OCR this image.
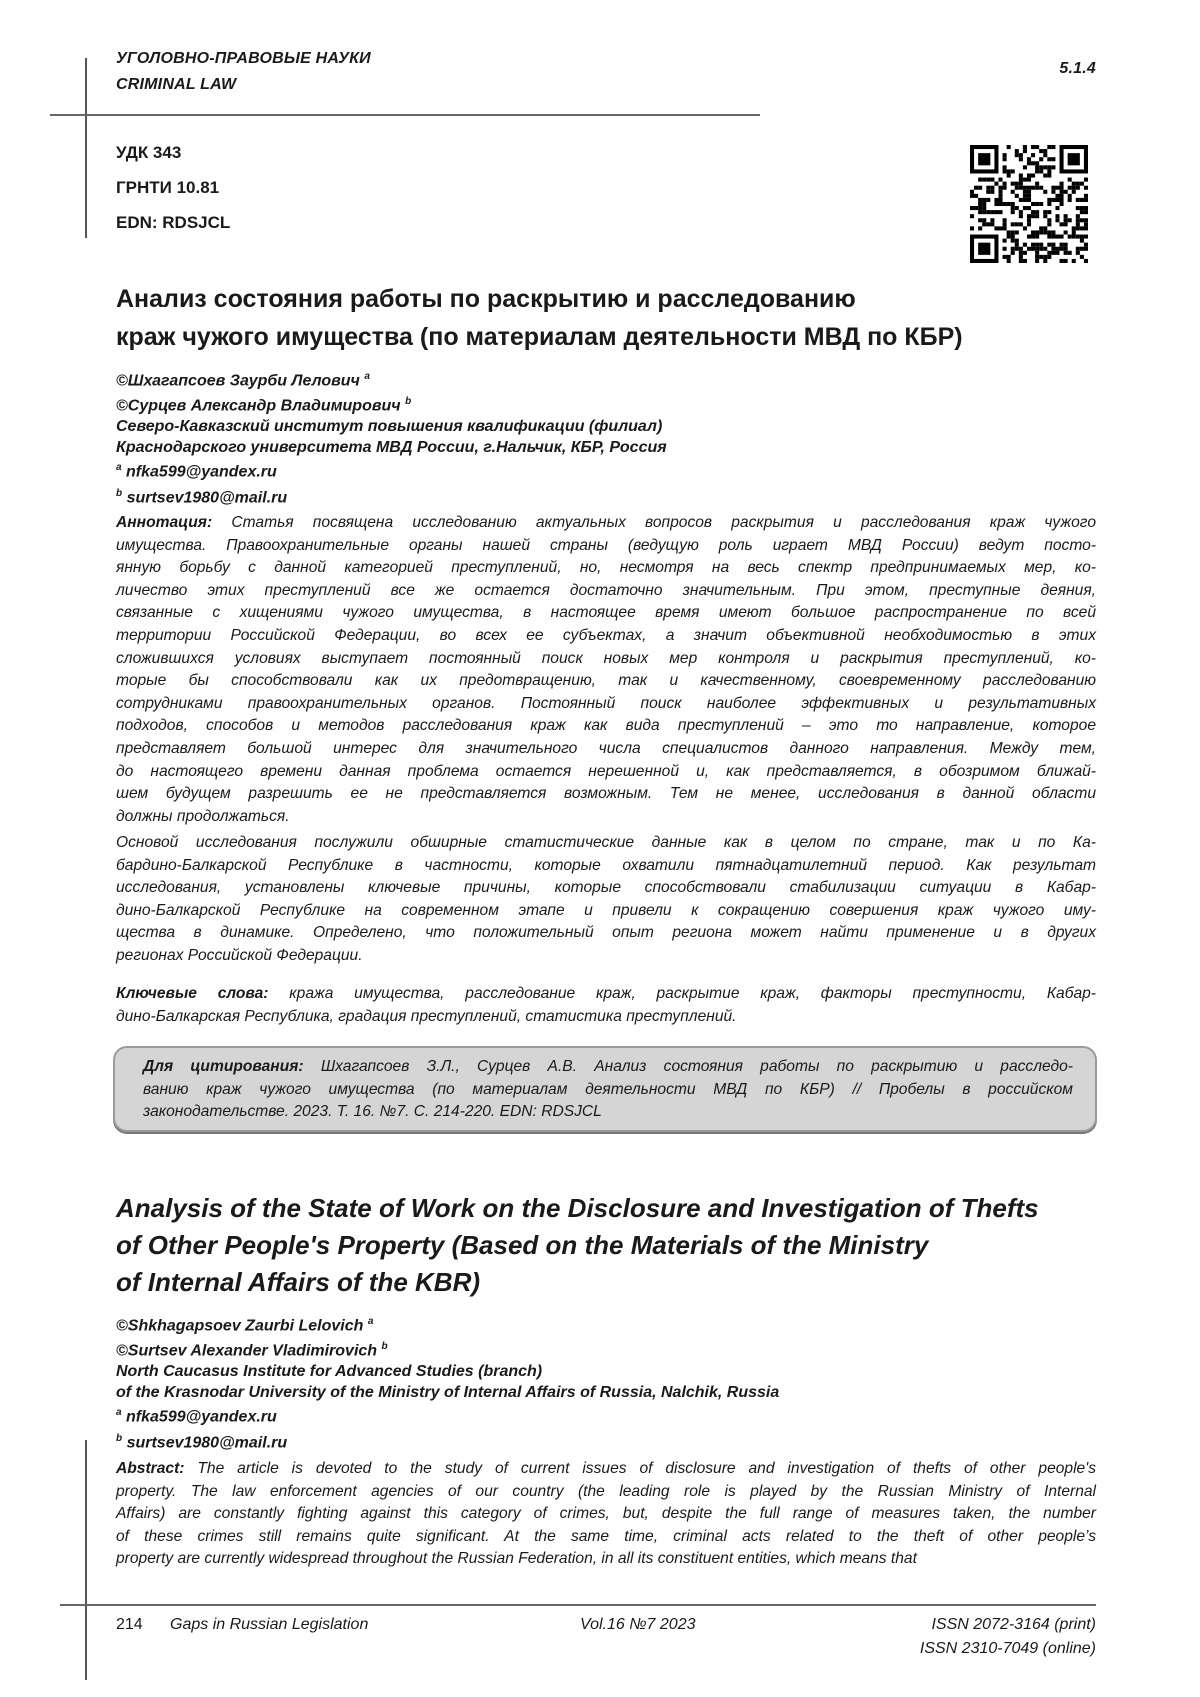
УГОЛОВНО-ПРАВОВЫЕ НАУКИ
CRIMINAL LAW
5.1.4
УДК 343
ГРНТИ 10.81
EDN: RDSJCL
Анализ состояния работы по раскрытию и расследованию
краж чужого имущества (по материалам деятельности МВД по КБР)
©Шхагапсоев Заурби Лелович a
©Сурцев Александр Владимирович b
Северо-Кавказский институт повышения квалификации (филиал)
Краснодарского университета МВД России, г.Нальчик, КБР, Россия
a nfka599@yandex.ru
b surtsev1980@mail.ru
Аннотация: Статья посвящена исследованию актуальных вопросов раскрытия и расследования краж чужого
имущества. Правоохранительные органы нашей страны (ведущую роль играет МВД России) ведут посто-
янную борьбу с данной категорией преступлений, но, несмотря на весь спектр предпринимаемых мер, ко-
личество этих преступлений все же остается достаточно значительным. При этом, преступные деяния,
связанные с хищениями чужого имущества, в настоящее время имеют большое распространение по всей
территории Российской Федерации, во всех ее субъектах, а значит объективной необходимостью в этих
сложившихся условиях выступает постоянный поиск новых мер контроля и раскрытия преступлений, ко-
торые бы способствовали как их предотвращению, так и качественному, своевременному расследованию
сотрудниками правоохранительных органов. Постоянный поиск наиболее эффективных и результативных
подходов, способов и методов расследования краж как вида преступлений – это то направление, которое
представляет большой интерес для значительного числа специалистов данного направления. Между тем,
до настоящего времени данная проблема остается нерешенной и, как представляется, в обозримом ближай-
шем будущем разрешить ее не представляется возможным. Тем не менее, исследования в данной области
должны продолжаться.
Основой исследования послужили обширные статистические данные как в целом по стране, так и по Ка-
бардино-Балкарской Республике в частности, которые охватили пятнадцатилетний период. Как результат
исследования, установлены ключевые причины, которые способствовали стабилизации ситуации в Кабар-
дино-Балкарской Республике на современном этапе и привели к сокращению совершения краж чужого иму-
щества в динамике. Определено, что положительный опыт региона может найти применение и в других
регионах Российской Федерации.
Ключевые слова: кража имущества, расследование краж, раскрытие краж, факторы преступности, Кабар-
дино-Балкарская Республика, градация преступлений, статистика преступлений.
Для цитирования: Шхагапсоев З.Л., Сурцев А.В. Анализ состояния работы по раскрытию и расследо-
ванию краж чужого имущества (по материалам деятельности МВД по КБР) // Пробелы в российском
законодательстве. 2023. Т. 16. №7. С. 214-220. EDN: RDSJCL
Analysis of the State of Work on the Disclosure and Investigation of Thefts
of Other People's Property (Based on the Materials of the Ministry
of Internal Affairs of the KBR)
©Shkhagapsoev Zaurbi Lelovich a
©Surtsev Alexander Vladimirovich b
North Caucasus Institute for Advanced Studies (branch)
of the Krasnodar University of the Ministry of Internal Affairs of Russia, Nalchik, Russia
a nfka599@yandex.ru
b surtsev1980@mail.ru
Abstract: The article is devoted to the study of current issues of disclosure and investigation of thefts of other people's
property. The law enforcement agencies of our country (the leading role is played by the Russian Ministry of Internal
Affairs) are constantly fighting against this category of crimes, but, despite the full range of measures taken, the number
of these crimes still remains quite significant. At the same time, criminal acts related to the theft of other people’s
property are currently widespread throughout the Russian Federation, in all its constituent entities, which means that
214 Gaps in Russian Legislation	Vol.16 №7 2023	ISSN 2072-3164 (print)
ISSN 2310-7049 (online)
